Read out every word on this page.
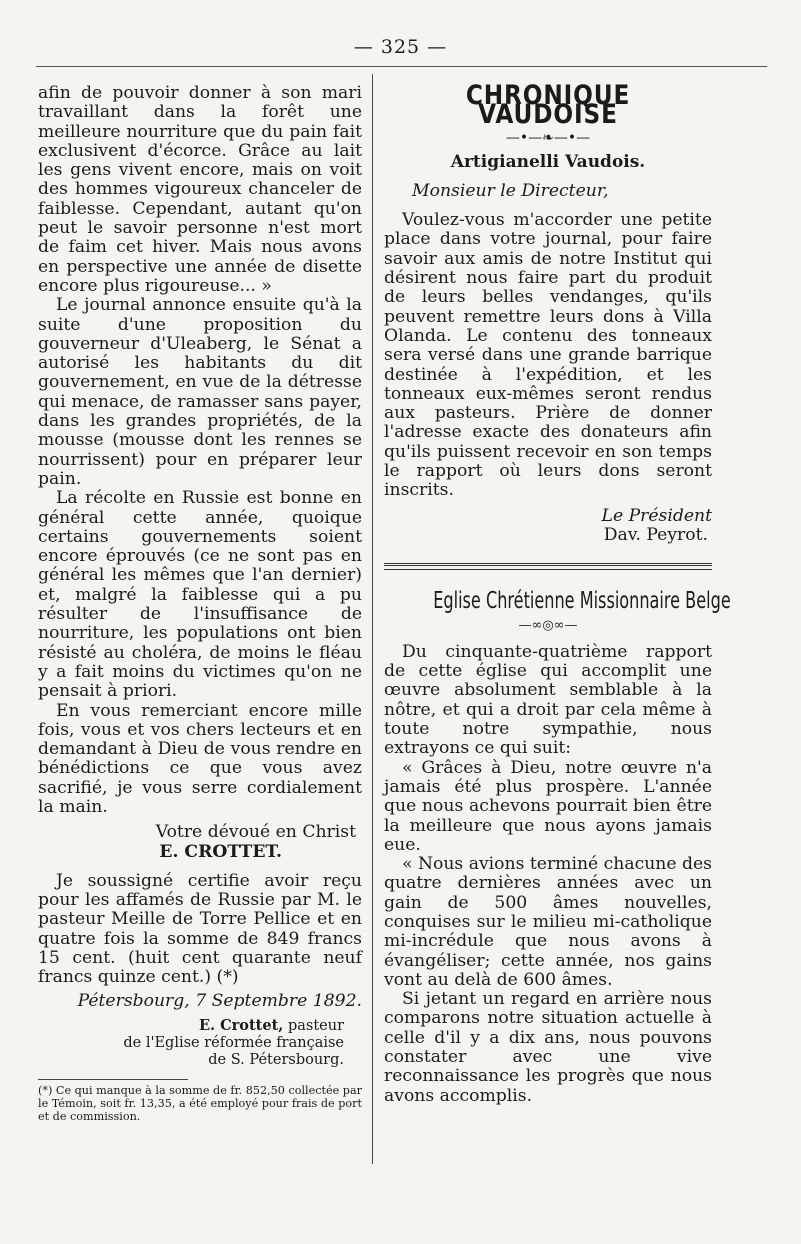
— 325 —

afin de pouvoir donner à son mari travaillant dans la forêt une meilleure nourriture que du pain fait exclusivent d'écorce. Grâce au lait les gens vivent encore, mais on voit des hommes vigoureux chanceler de faiblesse. Cependant, autant qu'on peut le savoir personne n'est mort de faim cet hiver. Mais nous avons en perspective une année de disette encore plus rigoureuse... »

Le journal annonce ensuite qu'à la suite d'une proposition du gouverneur d'Uleaberg, le Sénat a autorisé les habitants du dit gouvernement, en vue de la détresse qui menace, de ramasser sans payer, dans les grandes propriétés, de la mousse (mousse dont les rennes se nourrissent) pour en préparer leur pain.

La récolte en Russie est bonne en général cette année, quoique certains gouvernements soient encore éprouvés (ce ne sont pas en général les mêmes que l'an dernier) et, malgré la faiblesse qui a pu résulter de l'insuffisance de nourriture, les populations ont bien résisté au choléra, de moins le fléau y a fait moins du victimes qu'on ne pensait à priori.

En vous remerciant encore mille fois, vous et vos chers lecteurs et en demandant à Dieu de vous rendre en bénédictions ce que vous avez sacrifié, je vous serre cordialement la main.

Votre dévoué en Christ
E. CROTTET.

Je soussigné certifie avoir reçu pour les affamés de Russie par M. le pasteur Meille de Torre Pellice et en quatre fois la somme de 849 francs 15 cent. (huit cent quarante neuf francs quinze cent.) (*)

Pétersbourg, 7 Septembre 1892.
E. Crottet, pasteur
de l'Eglise réformée française
de S. Pétersbourg.
(*) Ce qui manque à la somme de fr. 852,50 collectée par le Témoin, soit fr. 13,35, a été employé pour frais de port et de commission.
CHRONIQUE VAUDOISE
—•—❧—•—
Artigianelli Vaudois.
Monsieur le Directeur,

Voulez-vous m'accorder une petite place dans votre journal, pour faire savoir aux amis de notre Institut qui désirent nous faire part du produit de leurs belles vendanges, qu'ils peuvent remettre leurs dons à Villa Olanda. Le contenu des tonneaux sera versé dans une grande barrique destinée à l'expédition, et les tonneaux eux-mêmes seront rendus aux pasteurs. Prière de donner l'adresse exacte des donateurs afin qu'ils puissent recevoir en son temps le rapport où leurs dons seront inscrits.

Le Président
Dav. Peyrot.
Eglise Chrétienne Missionnaire Belge
—∞◎∞—

Du cinquante-quatrième rapport de cette église qui accomplit une œuvre absolument semblable à la nôtre, et qui a droit par cela même à toute notre sympathie, nous extrayons ce qui suit:

« Grâces à Dieu, notre œuvre n'a jamais été plus prospère. L'année que nous achevons pourrait bien être la meilleure que nous ayons jamais eue.

« Nous avions terminé chacune des quatre dernières années avec un gain de 500 âmes nouvelles, conquises sur le milieu mi-catholique mi-incrédule que nous avons à évangéliser; cette année, nos gains vont au delà de 600 âmes.

Si jetant un regard en arrière nous comparons notre situation actuelle à celle d'il y a dix ans, nous pouvons constater avec une vive reconnaissance les progrès que nous avons accomplis.
